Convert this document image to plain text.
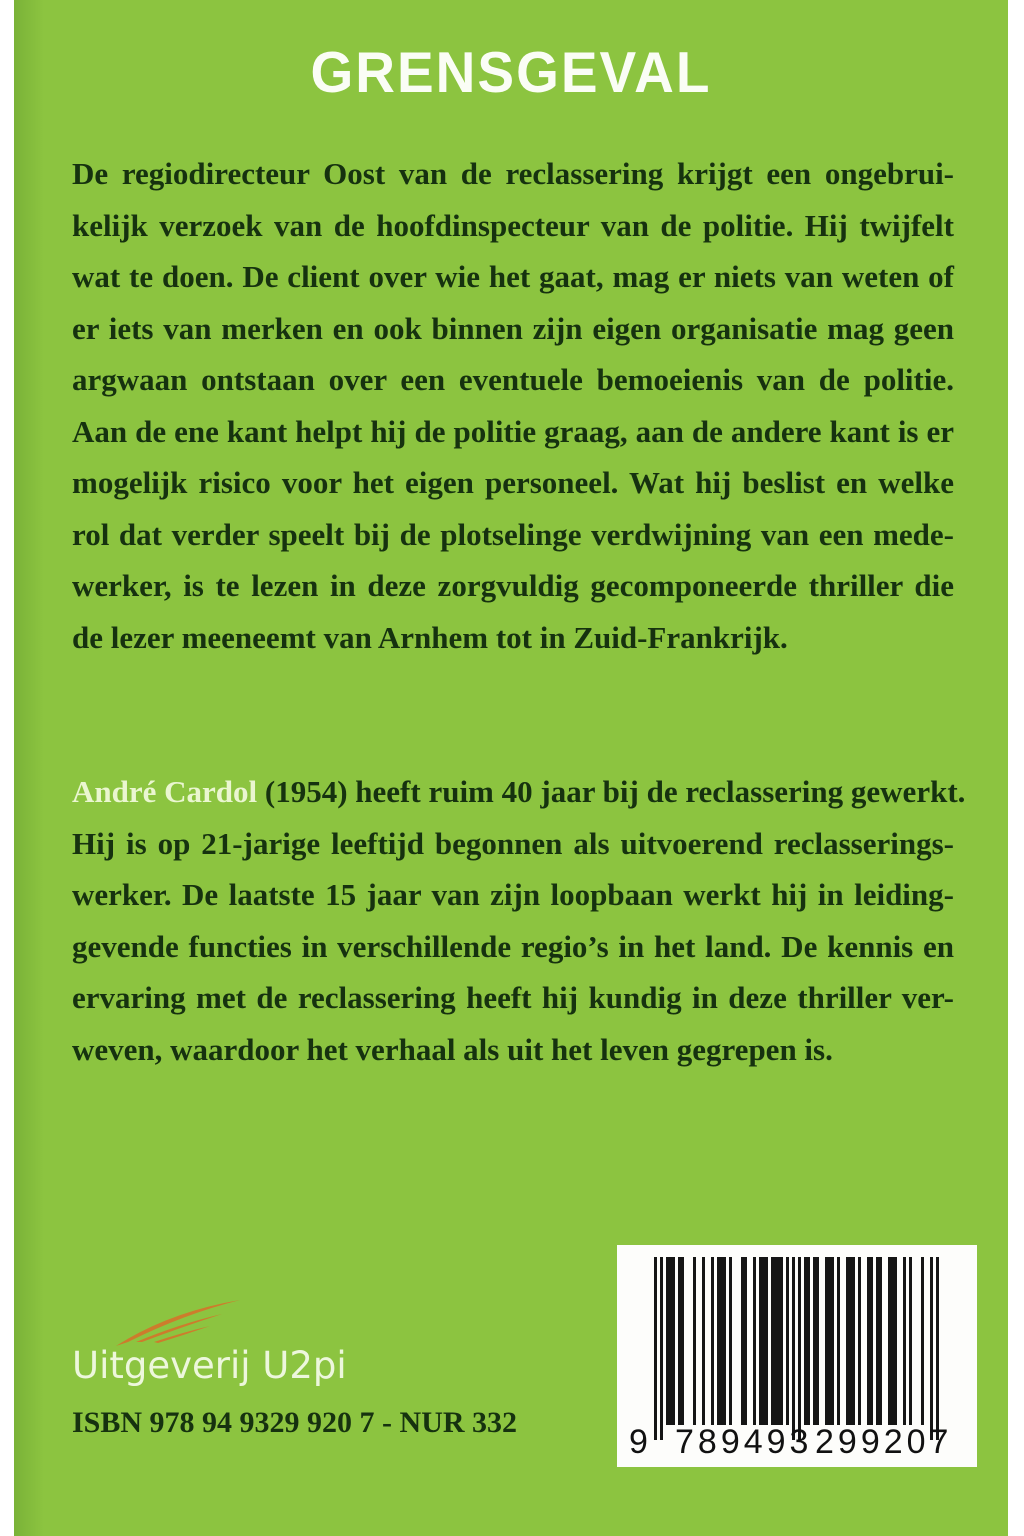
GRENSGEVAL
De regiodirecteur Oost van de reclassering krijgt een ongebrui-
kelijk verzoek van de hoofdinspecteur van de politie. Hij twijfelt
wat te doen. De client over wie het gaat, mag er niets van weten of
er iets van merken en ook binnen zijn eigen organisatie mag geen
argwaan ontstaan over een eventuele bemoeienis van de politie.
Aan de ene kant helpt hij de politie graag, aan de andere kant is er
mogelijk risico voor het eigen personeel. Wat hij beslist en welke
rol dat verder speelt bij de plotselinge verdwijning van een mede-
werker, is te lezen in deze zorgvuldig gecomponeerde thriller die
de lezer meeneemt van Arnhem tot in Zuid-Frankrijk.
André Cardol (1954) heeft ruim 40 jaar bij de reclassering gewerkt.
Hij is op 21-jarige leeftijd begonnen als uitvoerend reclasserings-
werker. De laatste 15 jaar van zijn loopbaan werkt hij in leiding-
gevende functies in verschillende regio’s in het land. De kennis en
ervaring met de reclassering heeft hij kundig in deze thriller ver-
weven, waardoor het verhaal als uit het leven gegrepen is.
Uitgeverij U2pi
ISBN 978 94 9329 920 7 - NUR 332
9 789493 299207
